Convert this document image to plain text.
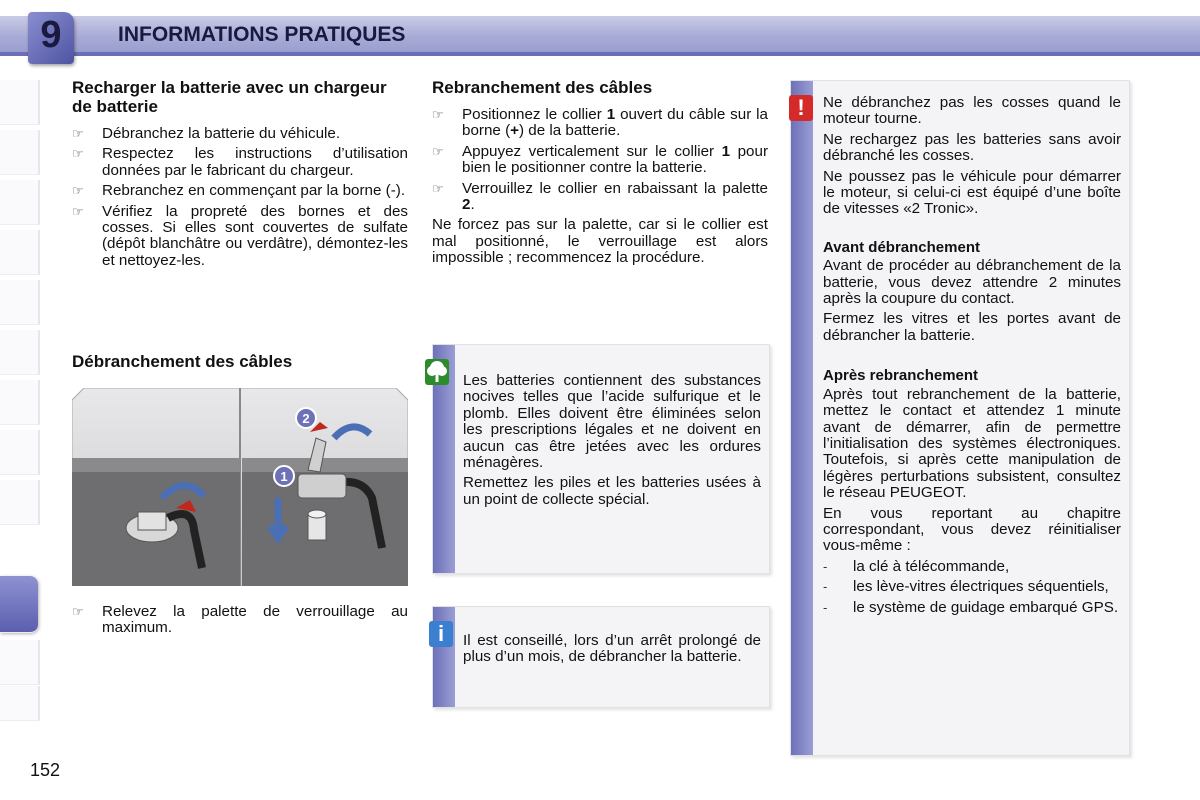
9	INFORMATIONS PRATIQUES
Recharger la batterie avec un chargeur de batterie
☞ Débranchez la batterie du véhicule.
☞ Respectez les instructions d’utilisation données par le fabricant du chargeur.
☞ Rebranchez en commençant par la borne (-).
☞ Vérifiez la propreté des bornes et des cosses. Si elles sont couvertes de sulfate (dépôt blanchâtre ou verdâtre), démontez-les et nettoyez-les.
Débranchement des câbles
2
1
☞ Relevez la palette de verrouillage au maximum.
Rebranchement des câbles
☞ Positionnez le collier 1 ouvert du câble sur la borne (+) de la batterie.
☞ Appuyez verticalement sur le collier 1 pour bien le positionner contre la batterie.
☞ Verrouillez le collier en rabaissant la palette 2.

Ne forcez pas sur la palette, car si le collier est mal positionné, le verrouillage est alors impossible ; recommencez la procédure.

Les batteries contiennent des substances nocives telles que l’acide sulfurique et le plomb. Elles doivent être éliminées selon les prescriptions légales et ne doivent en aucun cas être jetées avec les ordures ménagères.

Remettez les piles et les batteries usées à un point de collecte spécial.

i	Il est conseillé, lors d’un arrêt prolongé de plus d’un mois, de débrancher la batterie.

!	Ne débranchez pas les cosses quand le moteur tourne.

Ne rechargez pas les batteries sans avoir débranché les cosses.

Ne poussez pas le véhicule pour démarrer le moteur, si celui-ci est équipé d’une boîte de vitesses «2 Tronic».

Avant débranchement

Avant de procéder au débranchement de la batterie, vous devez attendre 2 minutes après la coupure du contact.

Fermez les vitres et les portes avant de débrancher la batterie.

Après rebranchement

Après tout rebranchement de la batterie, mettez le contact et attendez 1 minute avant de démarrer, afin de permettre l’initialisation des systèmes électroniques. Toutefois, si après cette manipulation de légères perturbations subsistent, consultez le réseau PEUGEOT.

En vous reportant au chapitre correspondant, vous devez réinitialiser vous-même :

- la clé à télécommande,
- les lève-vitres électriques séquentiels,
- le système de guidage embarqué GPS.
152
